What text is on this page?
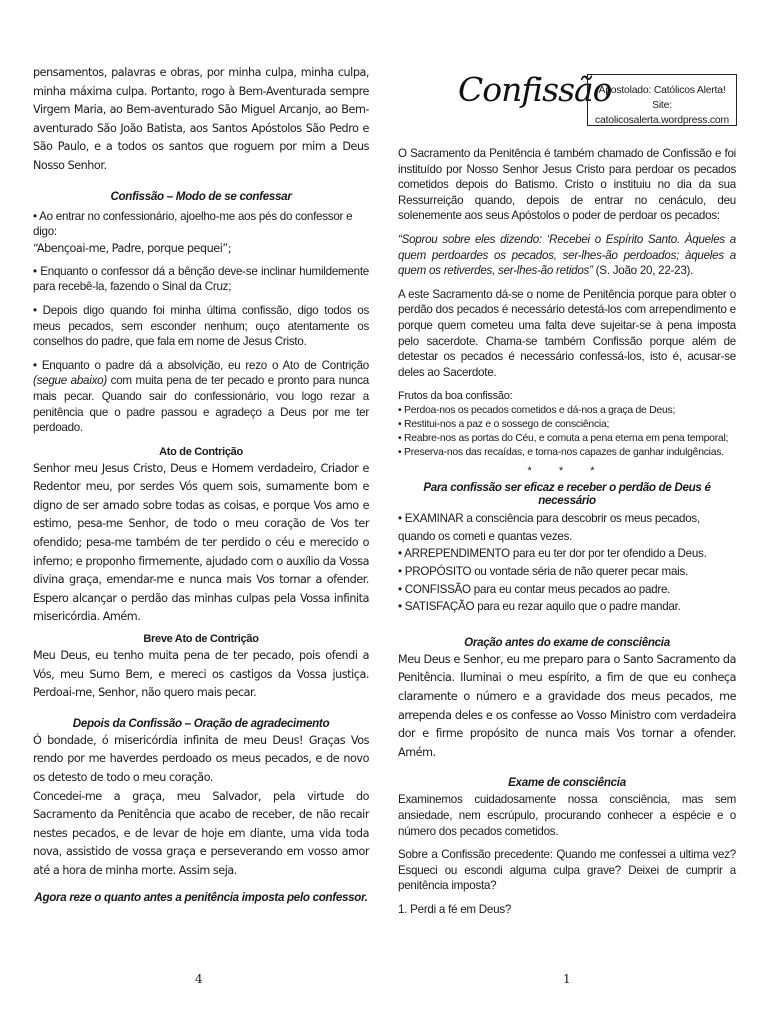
pensamentos, palavras e obras, por minha culpa, minha culpa, minha máxima culpa. Portanto, rogo à Bem-Aventurada sempre Virgem Maria, ao Bem-aventurado São Miguel Arcanjo, ao Bem-aventurado São João Batista, aos Santos Apóstolos São Pedro e São Paulo, e a todos os santos que roguem por mim a Deus Nosso Senhor.

Confissão – Modo de se confessar

• Ao entrar no confessionário, ajoelho-me aos pés do confessor e digo:

“Abençoai-me, Padre, porque pequei”;

• Enquanto o confessor dá a bênção deve-se inclinar humildemente para recebê-la, fazendo o Sinal da Cruz;

• Depois digo quando foi minha última confissão, digo todos os meus pecados, sem esconder nenhum; ouço atentamente os conselhos do padre, que fala em nome de Jesus Cristo.

• Enquanto o padre dá a absolvição, eu rezo o Ato de Contrição (segue abaixo) com muita pena de ter pecado e pronto para nunca mais pecar. Quando sair do confessionário, vou logo rezar a penitência que o padre passou e agradeço a Deus por me ter perdoado.

Ato de Contrição

Senhor meu Jesus Cristo, Deus e Homem verdadeiro, Criador e Redentor meu, por serdes Vós quem sois, sumamente bom e digno de ser amado sobre todas as coisas, e porque Vos amo e estimo, pesa-me Senhor, de todo o meu coração de Vos ter ofendido; pesa-me também de ter perdido o céu e merecido o inferno; e proponho firmemente, ajudado com o auxílio da Vossa divina graça, emendar-me e nunca mais Vos tornar a ofender. Espero alcançar o perdão das minhas culpas pela Vossa infinita misericórdia. Amém.

Breve Ato de Contrição

Meu Deus, eu tenho muita pena de ter pecado, pois ofendi a Vós, meu Sumo Bem, e mereci os castigos da Vossa justiça. Perdoai-me, Senhor, não quero mais pecar.

Depois da Confissão – Oração de agradecimento

Ó bondade, ó misericórdia infinita de meu Deus! Graças Vos rendo por me haverdes perdoado os meus pecados, e de novo os detesto de todo o meu coração.

Concedei-me a graça, meu Salvador, pela virtude do Sacramento da Penitência que acabo de receber, de não recair nestes pecados, e de levar de hoje em diante, uma vida toda nova, assistido de vossa graça e perseverando em vosso amor até a hora de minha morte. Assim seja.

Agora reze o quanto antes a penitência imposta pelo confessor.

4
Confissão
Apostolado: Católicos Alerta!
Site: catolicosalerta.wordpress.com

O Sacramento da Penitência é também chamado de Confissão e foi instituído por Nosso Senhor Jesus Cristo para perdoar os pecados cometidos depois do Batismo. Cristo o instituiu no dia da sua Ressurreição quando, depois de entrar no cenáculo, deu solenemente aos seus Apóstolos o poder de perdoar os pecados:

“Soprou sobre eles dizendo: ‘Recebei o Espírito Santo. Àqueles a quem perdoardes os pecados, ser-lhes-ão perdoados; àqueles a quem os retiverdes, ser-lhes-ão retidos” (S. João 20, 22-23).

A este Sacramento dá-se o nome de Penitência porque para obter o perdão dos pecados é necessário detestá-los com arrependimento e porque quem cometeu uma falta deve sujeitar-se à pena imposta pelo sacerdote. Chama-se também Confissão porque além de detestar os pecados é necessário confessá-los, isto é, acusar-se deles ao Sacerdote.

Frutos da boa confissão:

• Perdoa-nos os pecados cometidos e dá-nos a graça de Deus;

• Restitui-nos a paz e o sossego de consciência;

• Reabre-nos as portas do Céu, e comuta a pena eterna em pena temporal;

• Preserva-nos das recaídas, e torna-nos capazes de ganhar indulgências.

* * *

Para confissão ser eficaz e receber o perdão de Deus é necessário

• EXAMINAR a consciência para descobrir os meus pecados, quando os cometi e quantas vezes.

• ARREPENDIMENTO para eu ter dor por ter ofendido a Deus.

• PROPÓSITO ou vontade séria de não querer pecar mais.

• CONFISSÃO para eu contar meus pecados ao padre.

• SATISFAÇÃO para eu rezar aquilo que o padre mandar.

Oração antes do exame de consciência

Meu Deus e Senhor, eu me preparo para o Santo Sacramento da Penitência. Iluminai o meu espírito, a fim de que eu conheça claramente o número e a gravidade dos meus pecados, me arrependa deles e os confesse ao Vosso Ministro com verdadeira dor e firme propósito de nunca mais Vos tornar a ofender. Amém.

Exame de consciência

Examinemos cuidadosamente nossa consciência, mas sem ansiedade, nem escrúpulo, procurando conhecer a espécie e o número dos pecados cometidos.

Sobre a Confissão precedente: Quando me confessei a ultima vez? Esqueci ou escondi alguma culpa grave? Deixei de cumprir a penitência imposta?

1. Perdi a fé em Deus?

1
